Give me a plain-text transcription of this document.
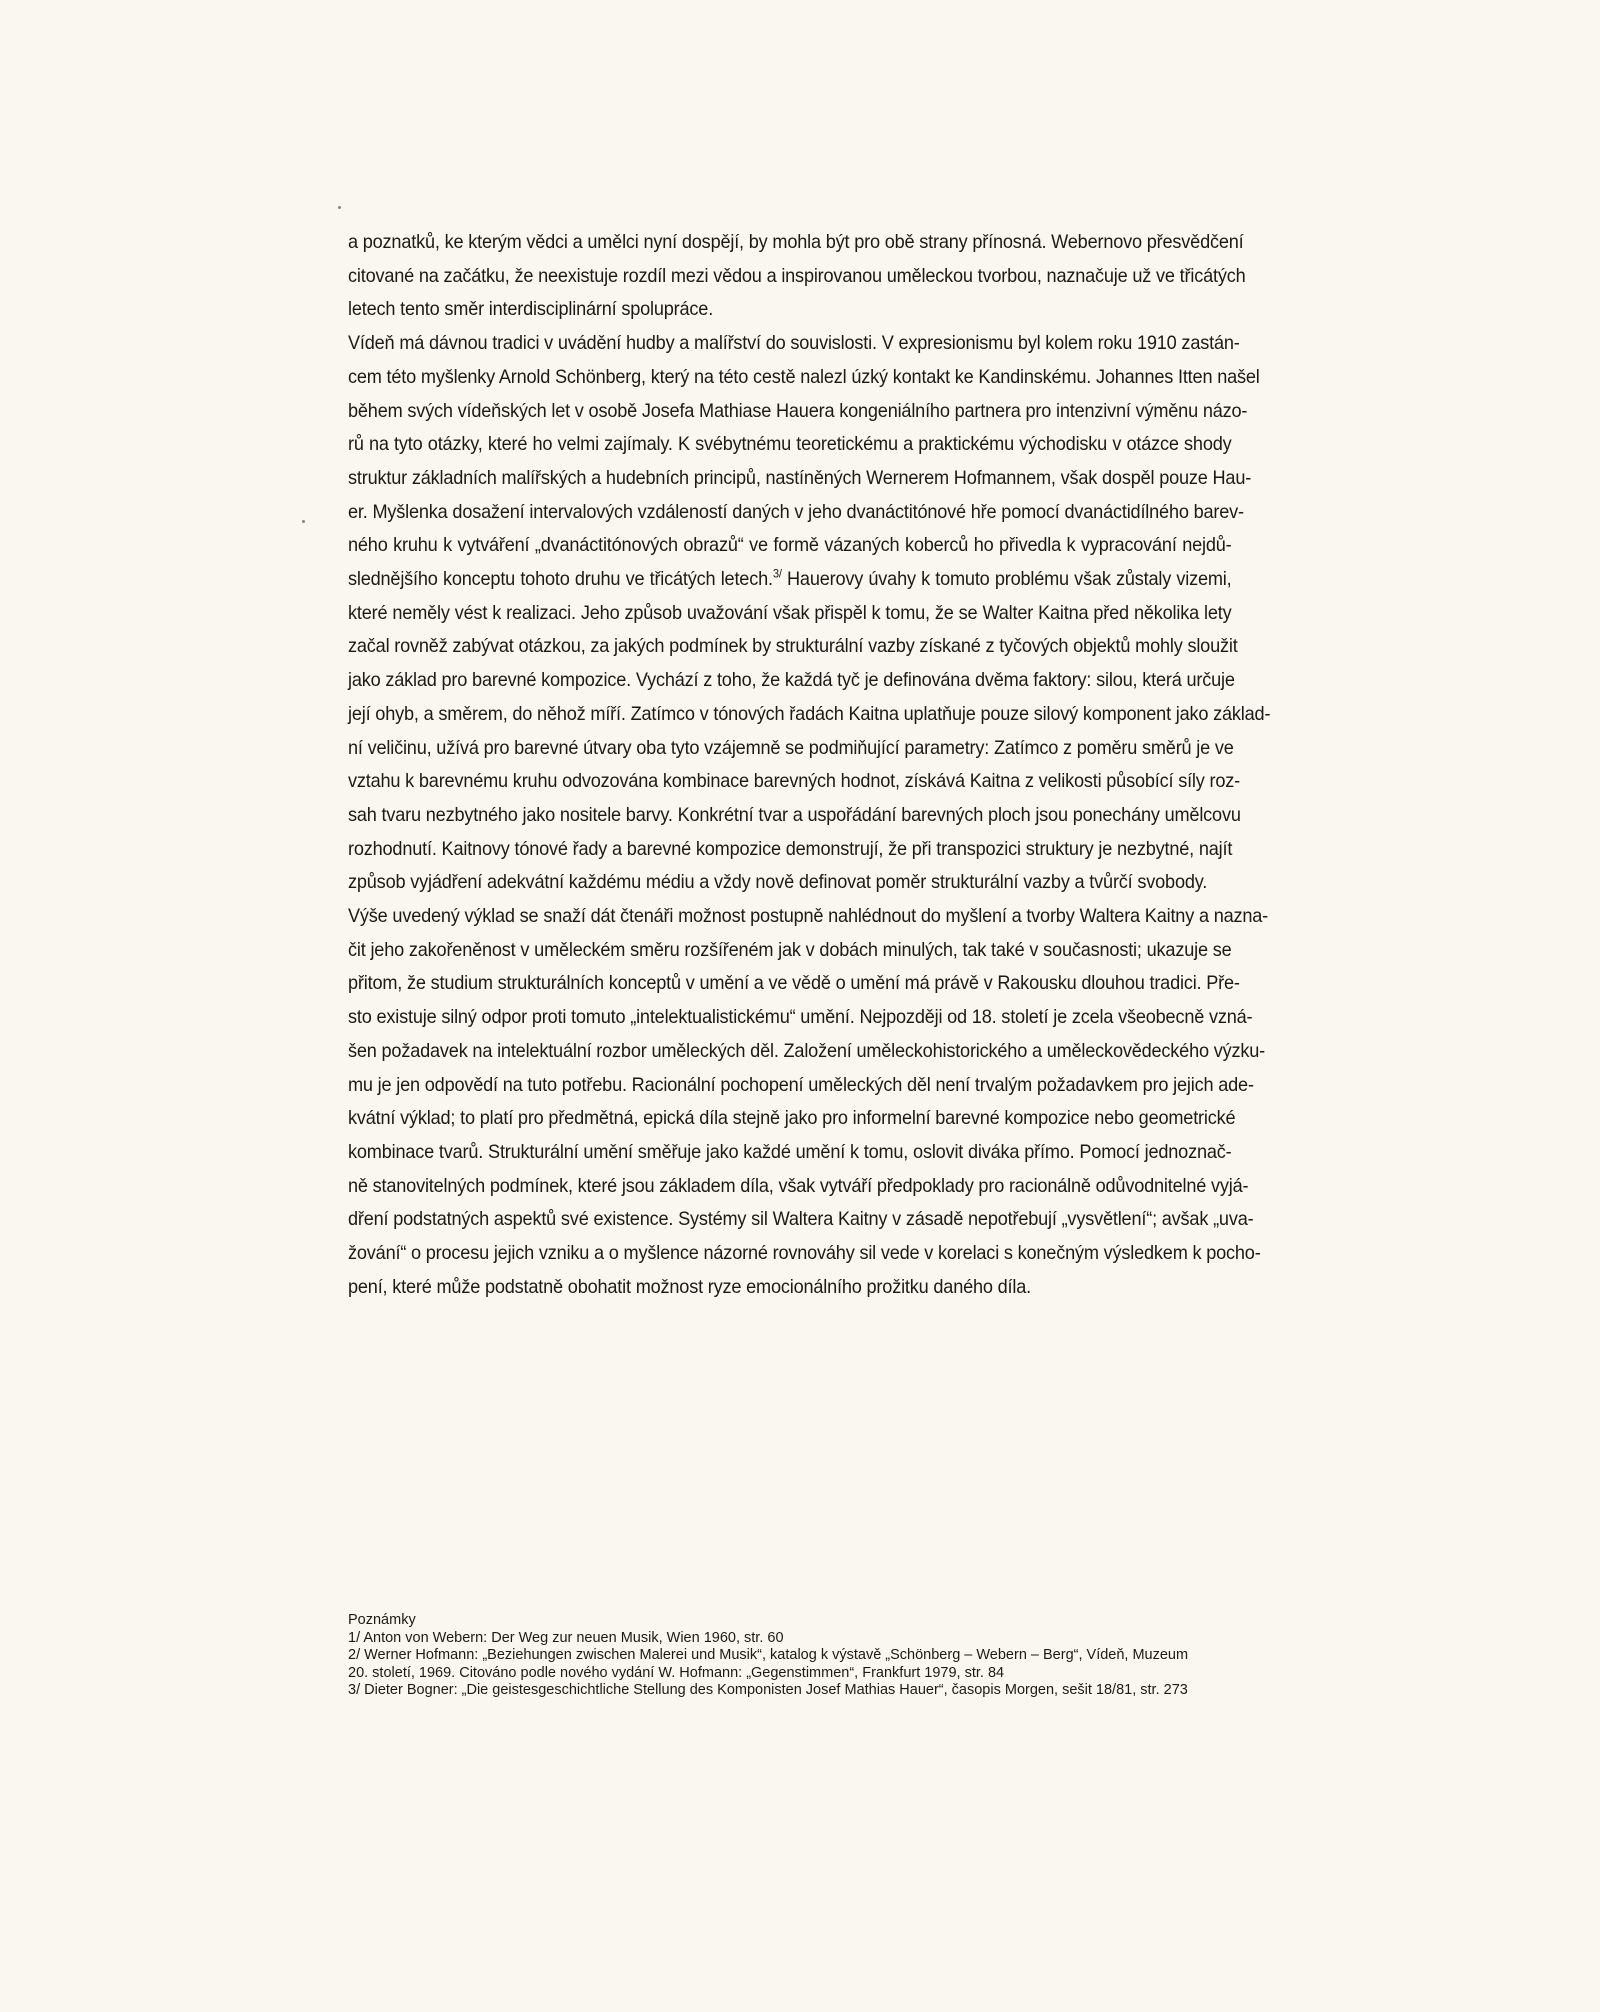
a poznatků, ke kterým vědci a umělci nyní dospějí, by mohla být pro obě strany přínosná. Webernovo přesvědčení
citované na začátku, že neexistuje rozdíl mezi vědou a inspirovanou uměleckou tvorbou, naznačuje už ve třicátých
letech tento směr interdisciplinární spolupráce.
Vídeň má dávnou tradici v uvádění hudby a malířství do souvislosti. V expresionismu byl kolem roku 1910 zastán-
cem této myšlenky Arnold Schönberg, který na této cestě nalezl úzký kontakt ke Kandinskému. Johannes Itten našel
během svých vídeňských let v osobě Josefa Mathiase Hauera kongeniálního partnera pro intenzivní výměnu názo-
rů na tyto otázky, které ho velmi zajímaly. K svébytnému teoretickému a praktickému východisku v otázce shody
struktur základních malířských a hudebních principů, nastíněných Wernerem Hofmannem, však dospěl pouze Hau-
er. Myšlenka dosažení intervalových vzdáleností daných v jeho dvanáctitónové hře pomocí dvanáctidílného barev-
ného kruhu k vytváření „dvanáctitónových obrazů“ ve formě vázaných koberců ho přivedla k vypracování nejdů-
slednějšího konceptu tohoto druhu ve třicátých letech.$^{3/}$ Hauerovy úvahy k tomuto problému však zůstaly vizemi,
které neměly vést k realizaci. Jeho způsob uvažování však přispěl k tomu, že se Walter Kaitna před několika lety
začal rovněž zabývat otázkou, za jakých podmínek by strukturální vazby získané z tyčových objektů mohly sloužit
jako základ pro barevné kompozice. Vychází z toho, že každá tyč je definována dvěma faktory: silou, která určuje
její ohyb, a směrem, do něhož míří. Zatímco v tónových řadách Kaitna uplatňuje pouze silový komponent jako základ-
ní veličinu, užívá pro barevné útvary oba tyto vzájemně se podmiňující parametry: Zatímco z poměru směrů je ve
vztahu k barevnému kruhu odvozována kombinace barevných hodnot, získává Kaitna z velikosti působící síly roz-
sah tvaru nezbytného jako nositele barvy. Konkrétní tvar a uspořádání barevných ploch jsou ponechány umělcovu
rozhodnutí. Kaitnovy tónové řady a barevné kompozice demonstrují, že při transpozici struktury je nezbytné, najít
způsob vyjádření adekvátní každému médiu a vždy nově definovat poměr strukturální vazby a tvůrčí svobody.
Výše uvedený výklad se snaží dát čtenáři možnost postupně nahlédnout do myšlení a tvorby Waltera Kaitny a nazna-
čit jeho zakořeněnost v uměleckém směru rozšířeném jak v dobách minulých, tak také v současnosti; ukazuje se
přitom, že studium strukturálních konceptů v umění a ve vědě o umění má právě v Rakousku dlouhou tradici. Pře-
sto existuje silný odpor proti tomuto „intelektualistickému“ umění. Nejpozději od 18. století je zcela všeobecně vzná-
šen požadavek na intelektuální rozbor uměleckých děl. Založení uměleckohistorického a uměleckovědeckého výzku-
mu je jen odpovědí na tuto potřebu. Racionální pochopení uměleckých děl není trvalým požadavkem pro jejich ade-
kvátní výklad; to platí pro předmětná, epická díla stejně jako pro informelní barevné kompozice nebo geometrické
kombinace tvarů. Strukturální umění směřuje jako každé umění k tomu, oslovit diváka přímo. Pomocí jednoznač-
ně stanovitelných podmínek, které jsou základem díla, však vytváří předpoklady pro racionálně odůvodnitelné vyjá-
dření podstatných aspektů své existence. Systémy sil Waltera Kaitny v zásadě nepotřebují „vysvětlení“; avšak „uva-
žování“ o procesu jejich vzniku a o myšlence názorné rovnováhy sil vede v korelaci s konečným výsledkem k pocho-
pení, které může podstatně obohatit možnost ryze emocionálního prožitku daného díla.
Poznámky
1/ Anton von Webern: Der Weg zur neuen Musik, Wien 1960, str. 60
2/ Werner Hofmann: „Beziehungen zwischen Malerei und Musik“, katalog k výstavě „Schönberg – Webern – Berg“, Vídeň, Muzeum
20. století, 1969. Citováno podle nového vydání W. Hofmann: „Gegenstimmen“, Frankfurt 1979, str. 84
3/ Dieter Bogner: „Die geistesgeschichtliche Stellung des Komponisten Josef Mathias Hauer“, časopis Morgen, sešit 18/81, str. 273
